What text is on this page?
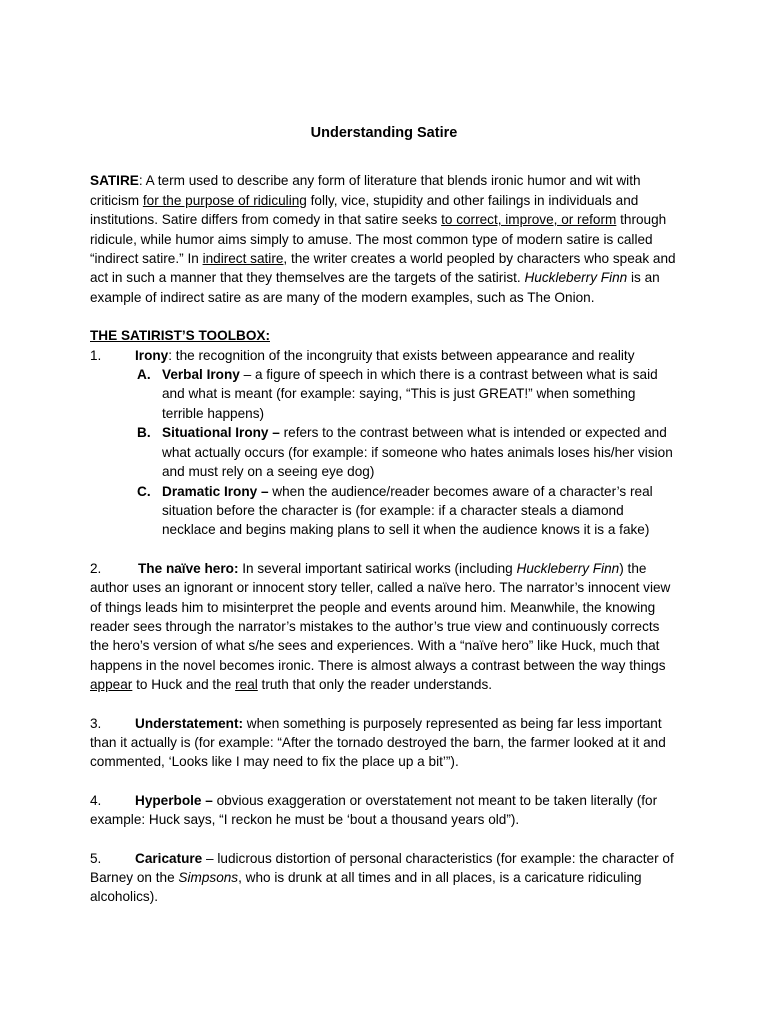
Understanding Satire

SATIRE: A term used to describe any form of literature that blends ironic humor and wit with criticism for the purpose of ridiculing folly, vice, stupidity and other failings in individuals and institutions. Satire differs from comedy in that satire seeks to correct, improve, or reform through ridicule, while humor aims simply to amuse. The most common type of modern satire is called “indirect satire.” In indirect satire, the writer creates a world peopled by characters who speak and act in such a manner that they themselves are the targets of the satirist. Huckleberry Finn is an example of indirect satire as are many of the modern examples, such as The Onion.

THE SATIRIST’S TOOLBOX:

1. Irony: the recognition of the incongruity that exists between appearance and reality

A. Verbal Irony – a figure of speech in which there is a contrast between what is said and what is meant (for example: saying, “This is just GREAT!” when something terrible happens)
B. Situational Irony – refers to the contrast between what is intended or expected and what actually occurs (for example: if someone who hates animals loses his/her vision and must rely on a seeing eye dog)
C. Dramatic Irony – when the audience/reader becomes aware of a character’s real situation before the character is (for example: if a character steals a diamond necklace and begins making plans to sell it when the audience knows it is a fake)

2.	The naïve hero: In several important satirical works (including Huckleberry Finn) the author uses an ignorant or innocent story teller, called a naïve hero. The narrator’s innocent view of things leads him to misinterpret the people and events around him. Meanwhile, the knowing reader sees through the narrator’s mistakes to the author’s true view and continuously corrects the hero’s version of what s/he sees and experiences. With a “naïve hero” like Huck, much that happens in the novel becomes ironic. There is almost always a contrast between the way things appear to Huck and the real truth that only the reader understands.

3. Understatement: when something is purposely represented as being far less important than it actually is (for example: “After the tornado destroyed the barn, the farmer looked at it and commented, ‘Looks like I may need to fix the place up a bit’”).

4. Hyperbole – obvious exaggeration or overstatement not meant to be taken literally (for example: Huck says, “I reckon he must be ‘bout a thousand years old”).

5. Caricature – ludicrous distortion of personal characteristics (for example: the character of Barney on the Simpsons, who is drunk at all times and in all places, is a caricature ridiculing alcoholics).
